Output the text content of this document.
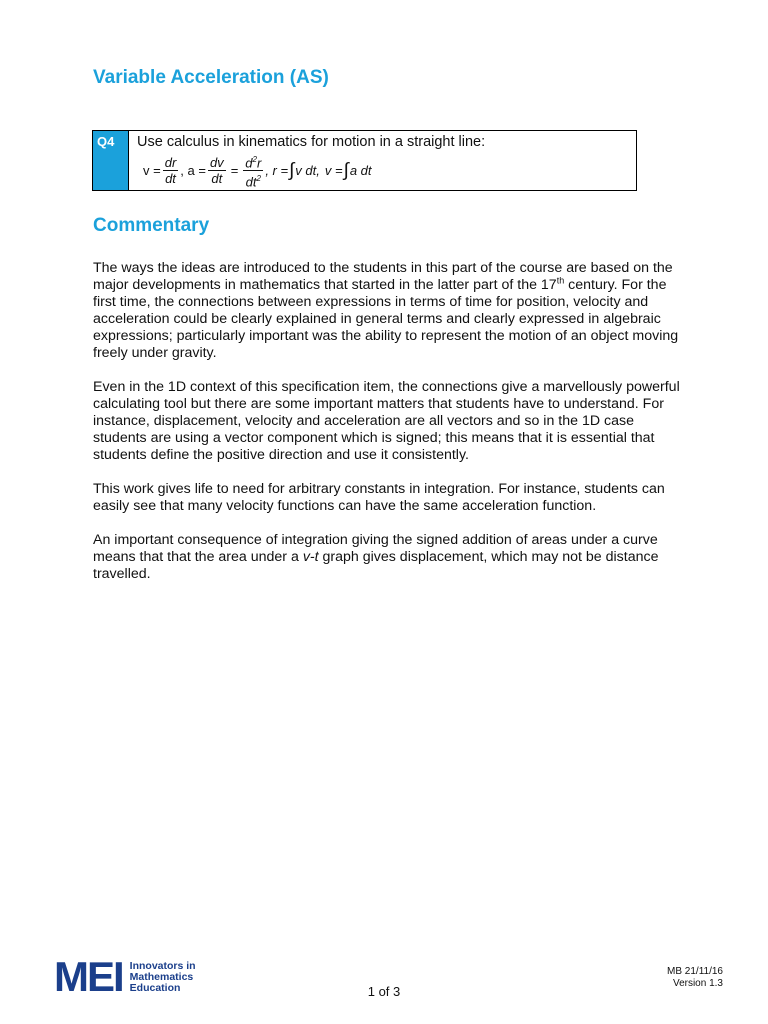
Variable Acceleration (AS)
Q4	Use calculus in kinematics for motion in a straight line:
$v = \frac{dr}{dt}$ , $a = \frac{dv}{dt} = \frac{d^2r}{dt^2}$ , r = ∫ v dt, v = ∫ a dt
Commentary

The ways the ideas are introduced to the students in this part of the course are based on the major developments in mathematics that started in the latter part of the 17th century. For the first time, the connections between expressions in terms of time for position, velocity and acceleration could be clearly explained in general terms and clearly expressed in algebraic expressions; particularly important was the ability to represent the motion of an object moving freely under gravity.

Even in the 1D context of this specification item, the connections give a marvellously powerful calculating tool but there are some important matters that students have to understand. For instance, displacement, velocity and acceleration are all vectors and so in the 1D case students are using a vector component which is signed; this means that it is essential that students define the positive direction and use it consistently.

This work gives life to need for arbitrary constants in integration. For instance, students can easily see that many velocity functions can have the same acceleration function.

An important consequence of integration giving the signed addition of areas under a curve means that that the area under a v-t graph gives displacement, which may not be distance travelled.

MEI Innovators in
Mathematics
Education	1 of 3
MB 21/11/16
Version 1.3
